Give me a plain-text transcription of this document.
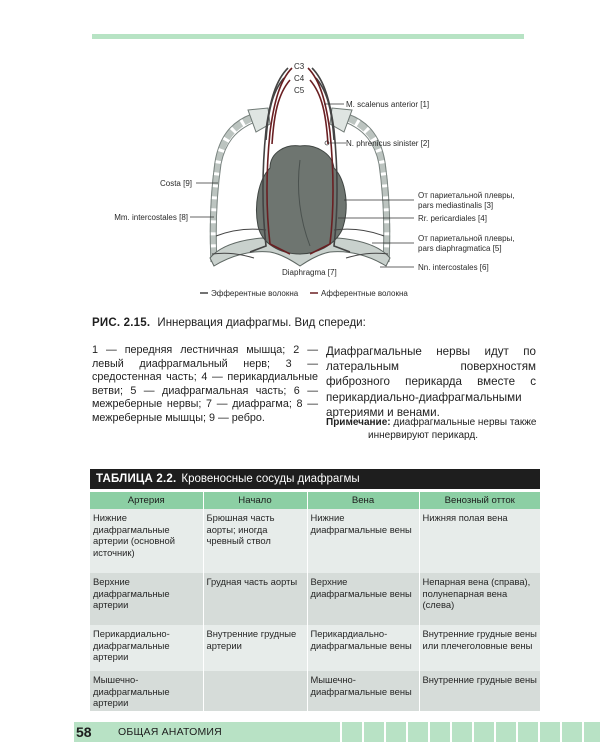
C3
C4
C5
M. scalenus anterior [1]
N. phrenicus sinister [2]
Costa [9]
Mm. intercostales [8]
От париетальной плевры,
pars mediastinalis [3]
Rr. pericardiales [4]
От париетальной плевры,
pars diaphragmatica [5]
Nn. intercostales [6]
Diaphragma [7]
Эфферентные волокна	Афферентные волокна
РИС. 2.15. Иннервация диафрагмы. Вид спереди:
1 — передняя лестничная мышца; 2 — левый диафрагмальный нерв; 3 — средостенная часть; 4 — перикардиальные ветви; 5 — диафрагмальная часть; 6 — межреберные нервы; 7 — диафрагма; 8 — межреберные мышцы; 9 — ребро.
Диафрагмальные нервы идут по латеральным поверхностям фиброзного перикарда вместе с перикардиально-диафрагмальными артериями и венами.
Примечание: диафрагмальные нервы также
иннервируют перикард.
ТАБЛИЦА 2.2. Кровеносные сосуды диафрагмы
Артерия	Начало	Вена	Венозный отток
Нижние диафрагмальные артерии (основной источник)	Брюшная часть аорты; иногда чревный ствол	Нижние диафрагмальные вены	Нижняя полая вена
Верхние диафрагмальные артерии	Грудная часть аорты	Верхние диафрагмальные вены	Непарная вена (справа), полунепарная вена (слева)
Перикардиально-диафрагмальные артерии	Внутренние грудные артерии	Перикардиально-диафрагмальные вены	Внутренние грудные вены или плечеголовные вены
Мышечно-диафрагмальные артерии		Мышечно-диафрагмальные вены	Внутренние грудные вены
58	ОБЩАЯ АНАТОМИЯ
